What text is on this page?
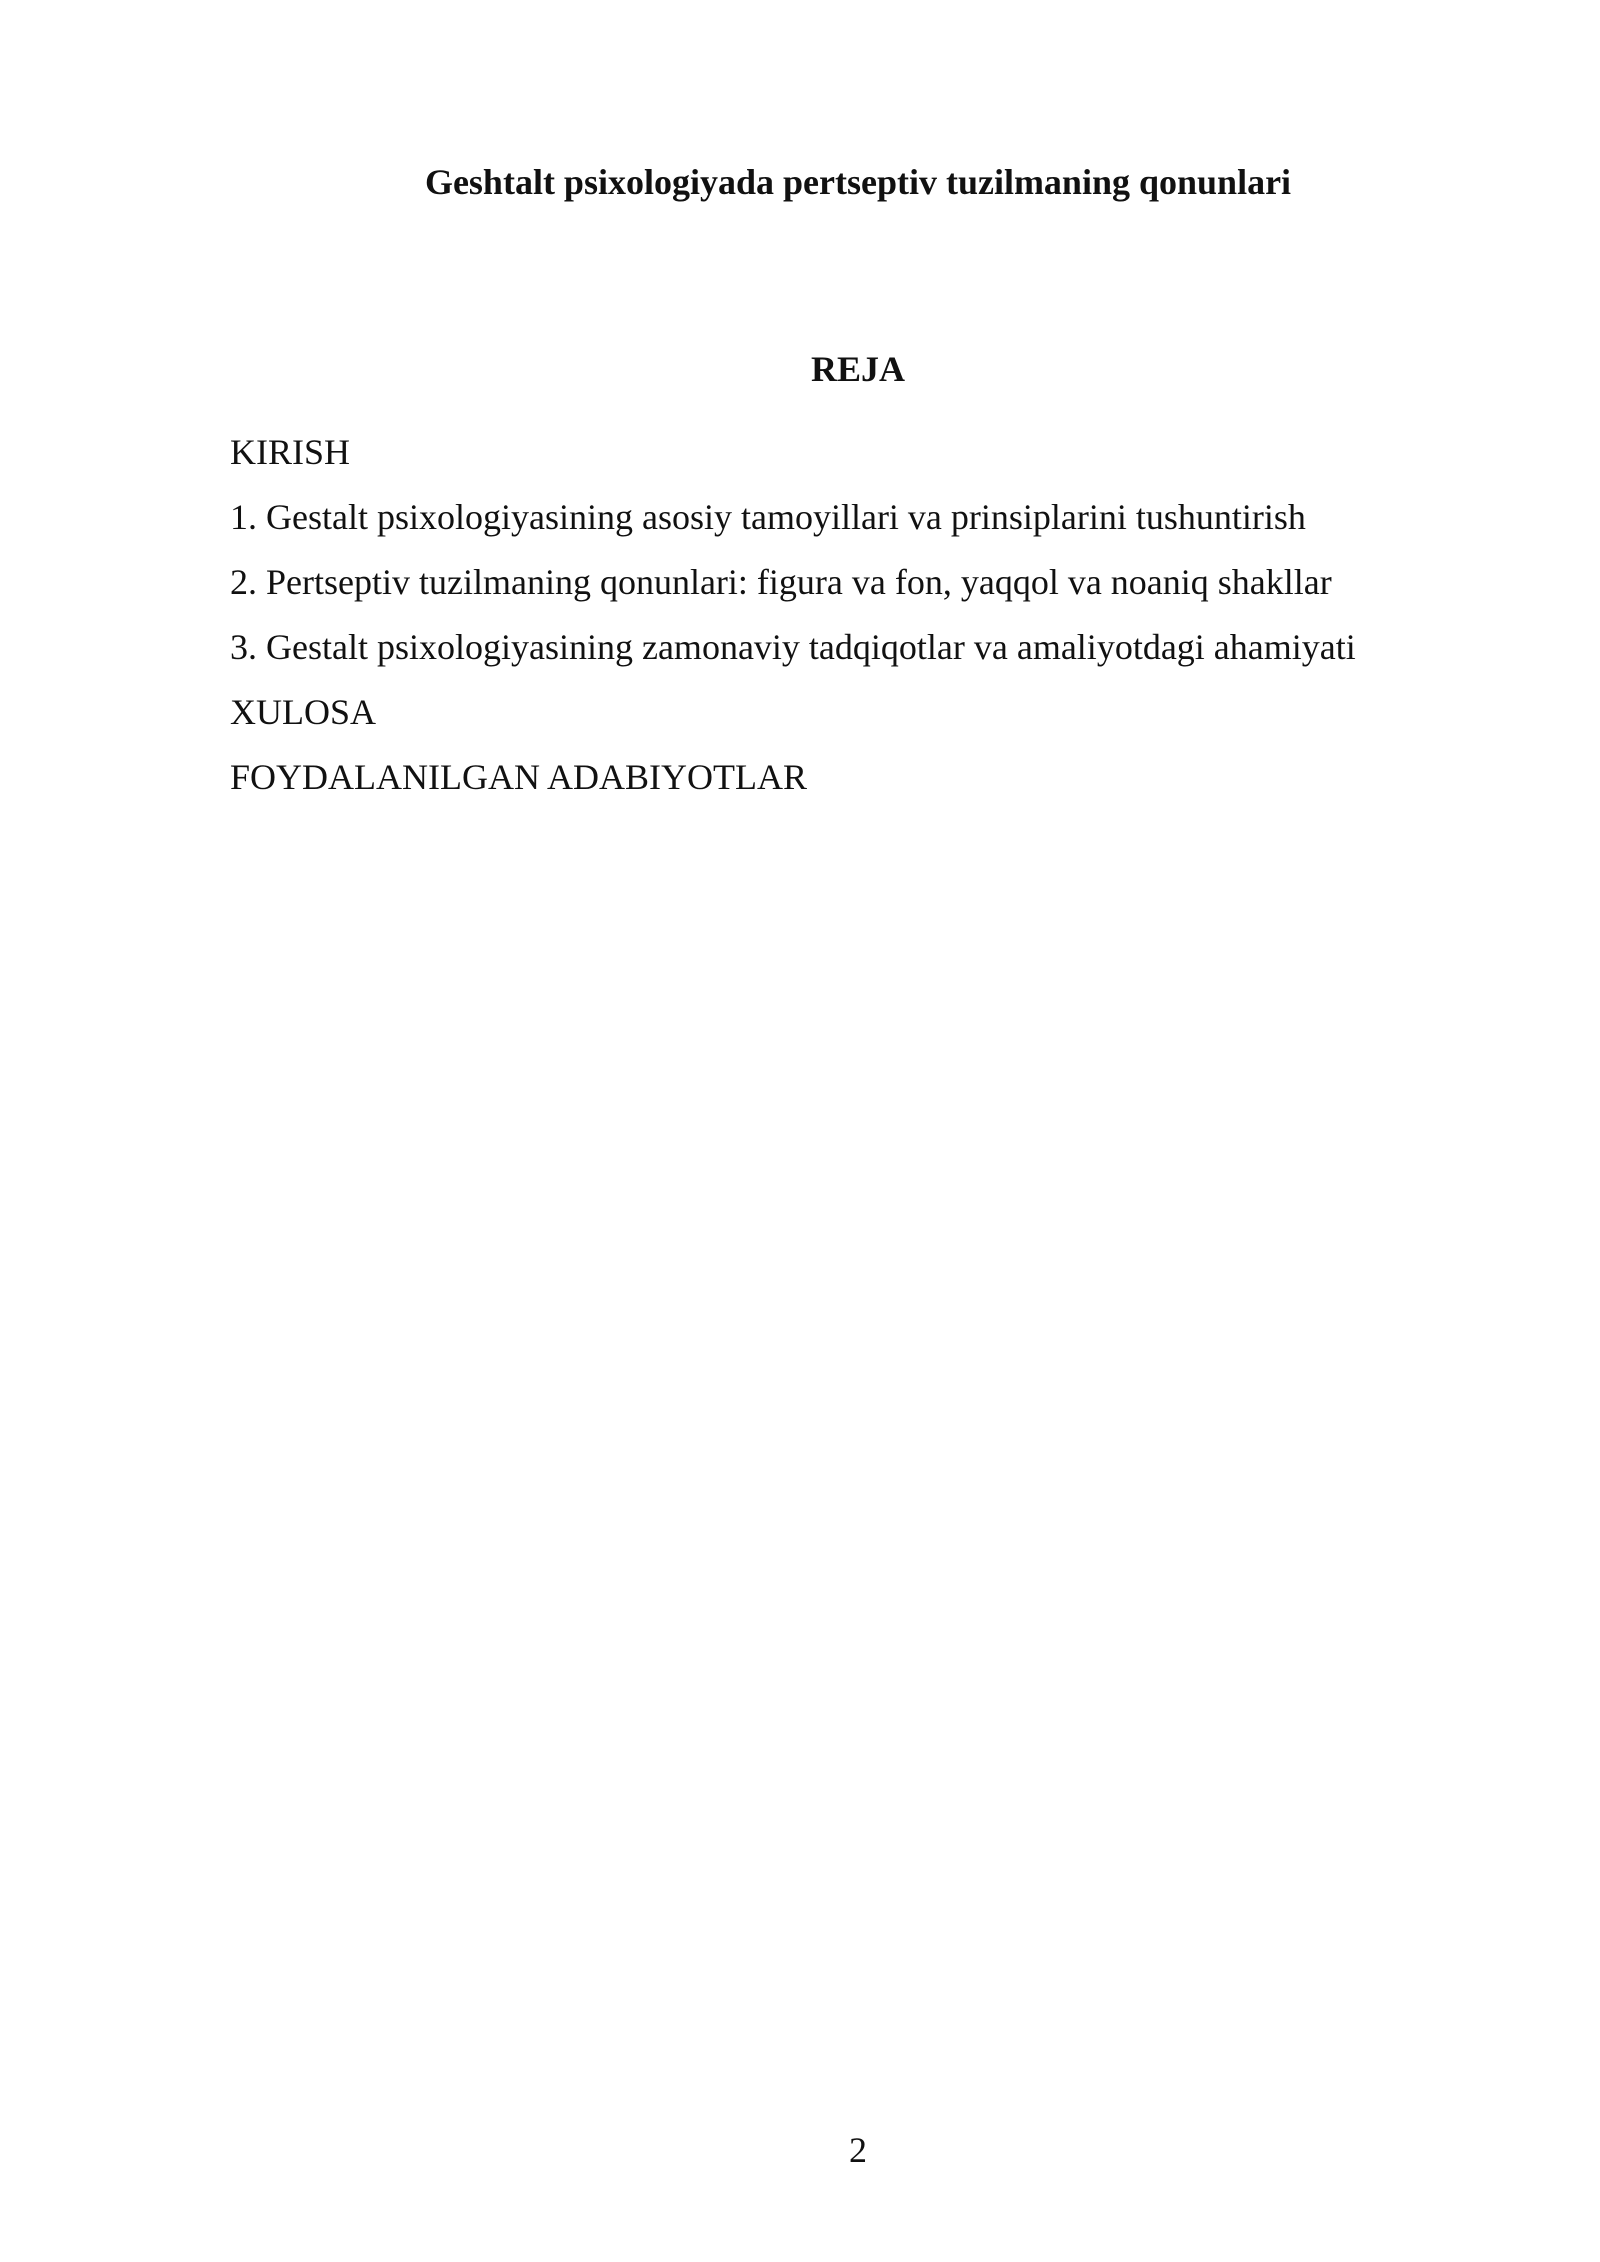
Geshtalt psixologiyada pertseptiv tuzilmaning qonunlari
REJA
KIRISH
1. Gestalt psixologiyasining asosiy tamoyillari va prinsiplarini tushuntirish
2. Pertseptiv tuzilmaning qonunlari: figura va fon, yaqqol va noaniq shakllar
3. Gestalt psixologiyasining zamonaviy tadqiqotlar va amaliyotdagi ahamiyati
XULOSA
FOYDALANILGAN ADABIYOTLAR
2
